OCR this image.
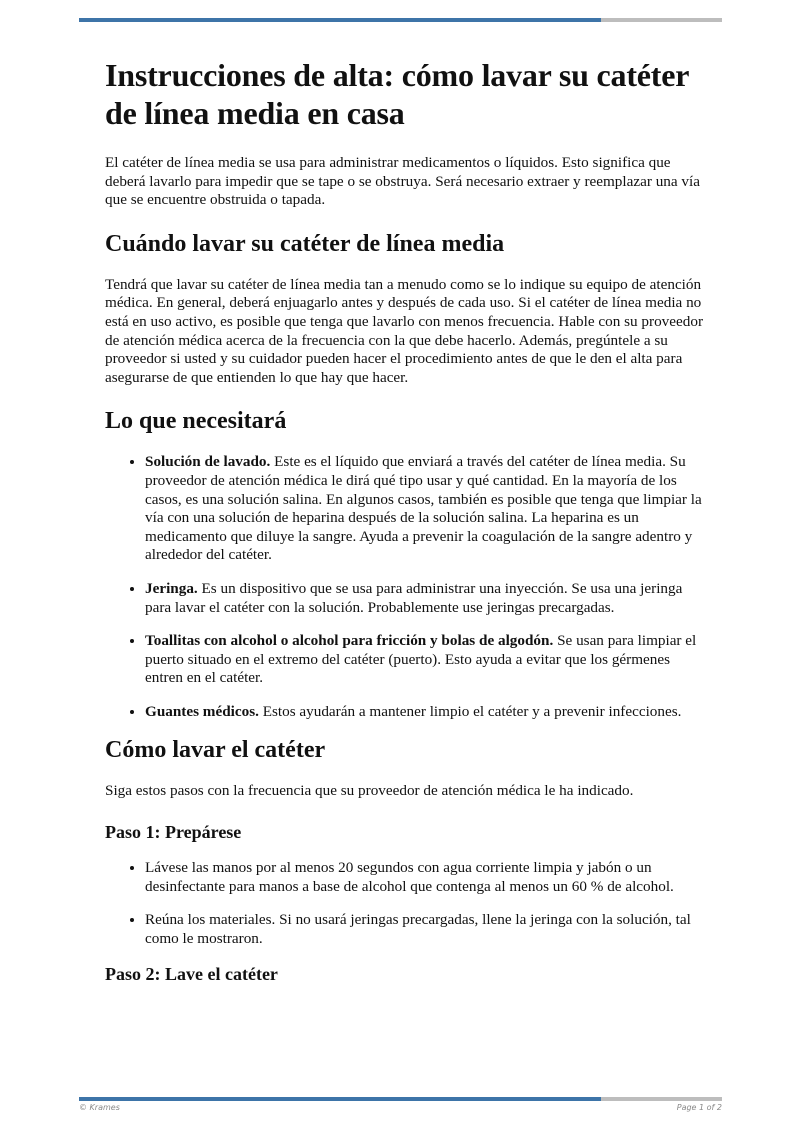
Instrucciones de alta: cómo lavar su catéter de línea media en casa

El catéter de línea media se usa para administrar medicamentos o líquidos. Esto significa que deberá lavarlo para impedir que se tape o se obstruya. Será necesario extraer y reemplazar una vía que se encuentre obstruida o tapada.

Cuándo lavar su catéter de línea media

Tendrá que lavar su catéter de línea media tan a menudo como se lo indique su equipo de atención médica. En general, deberá enjuagarlo antes y después de cada uso. Si el catéter de línea media no está en uso activo, es posible que tenga que lavarlo con menos frecuencia. Hable con su proveedor de atención médica acerca de la frecuencia con la que debe hacerlo. Además, pregúntele a su proveedor si usted y su cuidador pueden hacer el procedimiento antes de que le den el alta para asegurarse de que entienden lo que hay que hacer.

Lo que necesitará
• Solución de lavado. Este es el líquido que enviará a través del catéter de línea media. Su proveedor de atención médica le dirá qué tipo usar y qué cantidad. En la mayoría de los casos, es una solución salina. En algunos casos, también es posible que tenga que limpiar la vía con una solución de heparina después de la solución salina. La heparina es un medicamento que diluye la sangre. Ayuda a prevenir la coagulación de la sangre adentro y alrededor del catéter.
• Jeringa. Es un dispositivo que se usa para administrar una inyección. Se usa una jeringa para lavar el catéter con la solución. Probablemente use jeringas precargadas.
• Toallitas con alcohol o alcohol para fricción y bolas de algodón. Se usan para limpiar el puerto situado en el extremo del catéter (puerto). Esto ayuda a evitar que los gérmenes entren en el catéter.
• Guantes médicos. Estos ayudarán a mantener limpio el catéter y a prevenir infecciones.
Cómo lavar el catéter

Siga estos pasos con la frecuencia que su proveedor de atención médica le ha indicado.

Paso 1: Prepárese
• Lávese las manos por al menos 20 segundos con agua corriente limpia y jabón o un desinfectante para manos a base de alcohol que contenga al menos un 60 % de alcohol.
• Reúna los materiales. Si no usará jeringas precargadas, llene la jeringa con la solución, tal como le mostraron.
Paso 2: Lave el catéter
© Krames	Page 1 of 2
